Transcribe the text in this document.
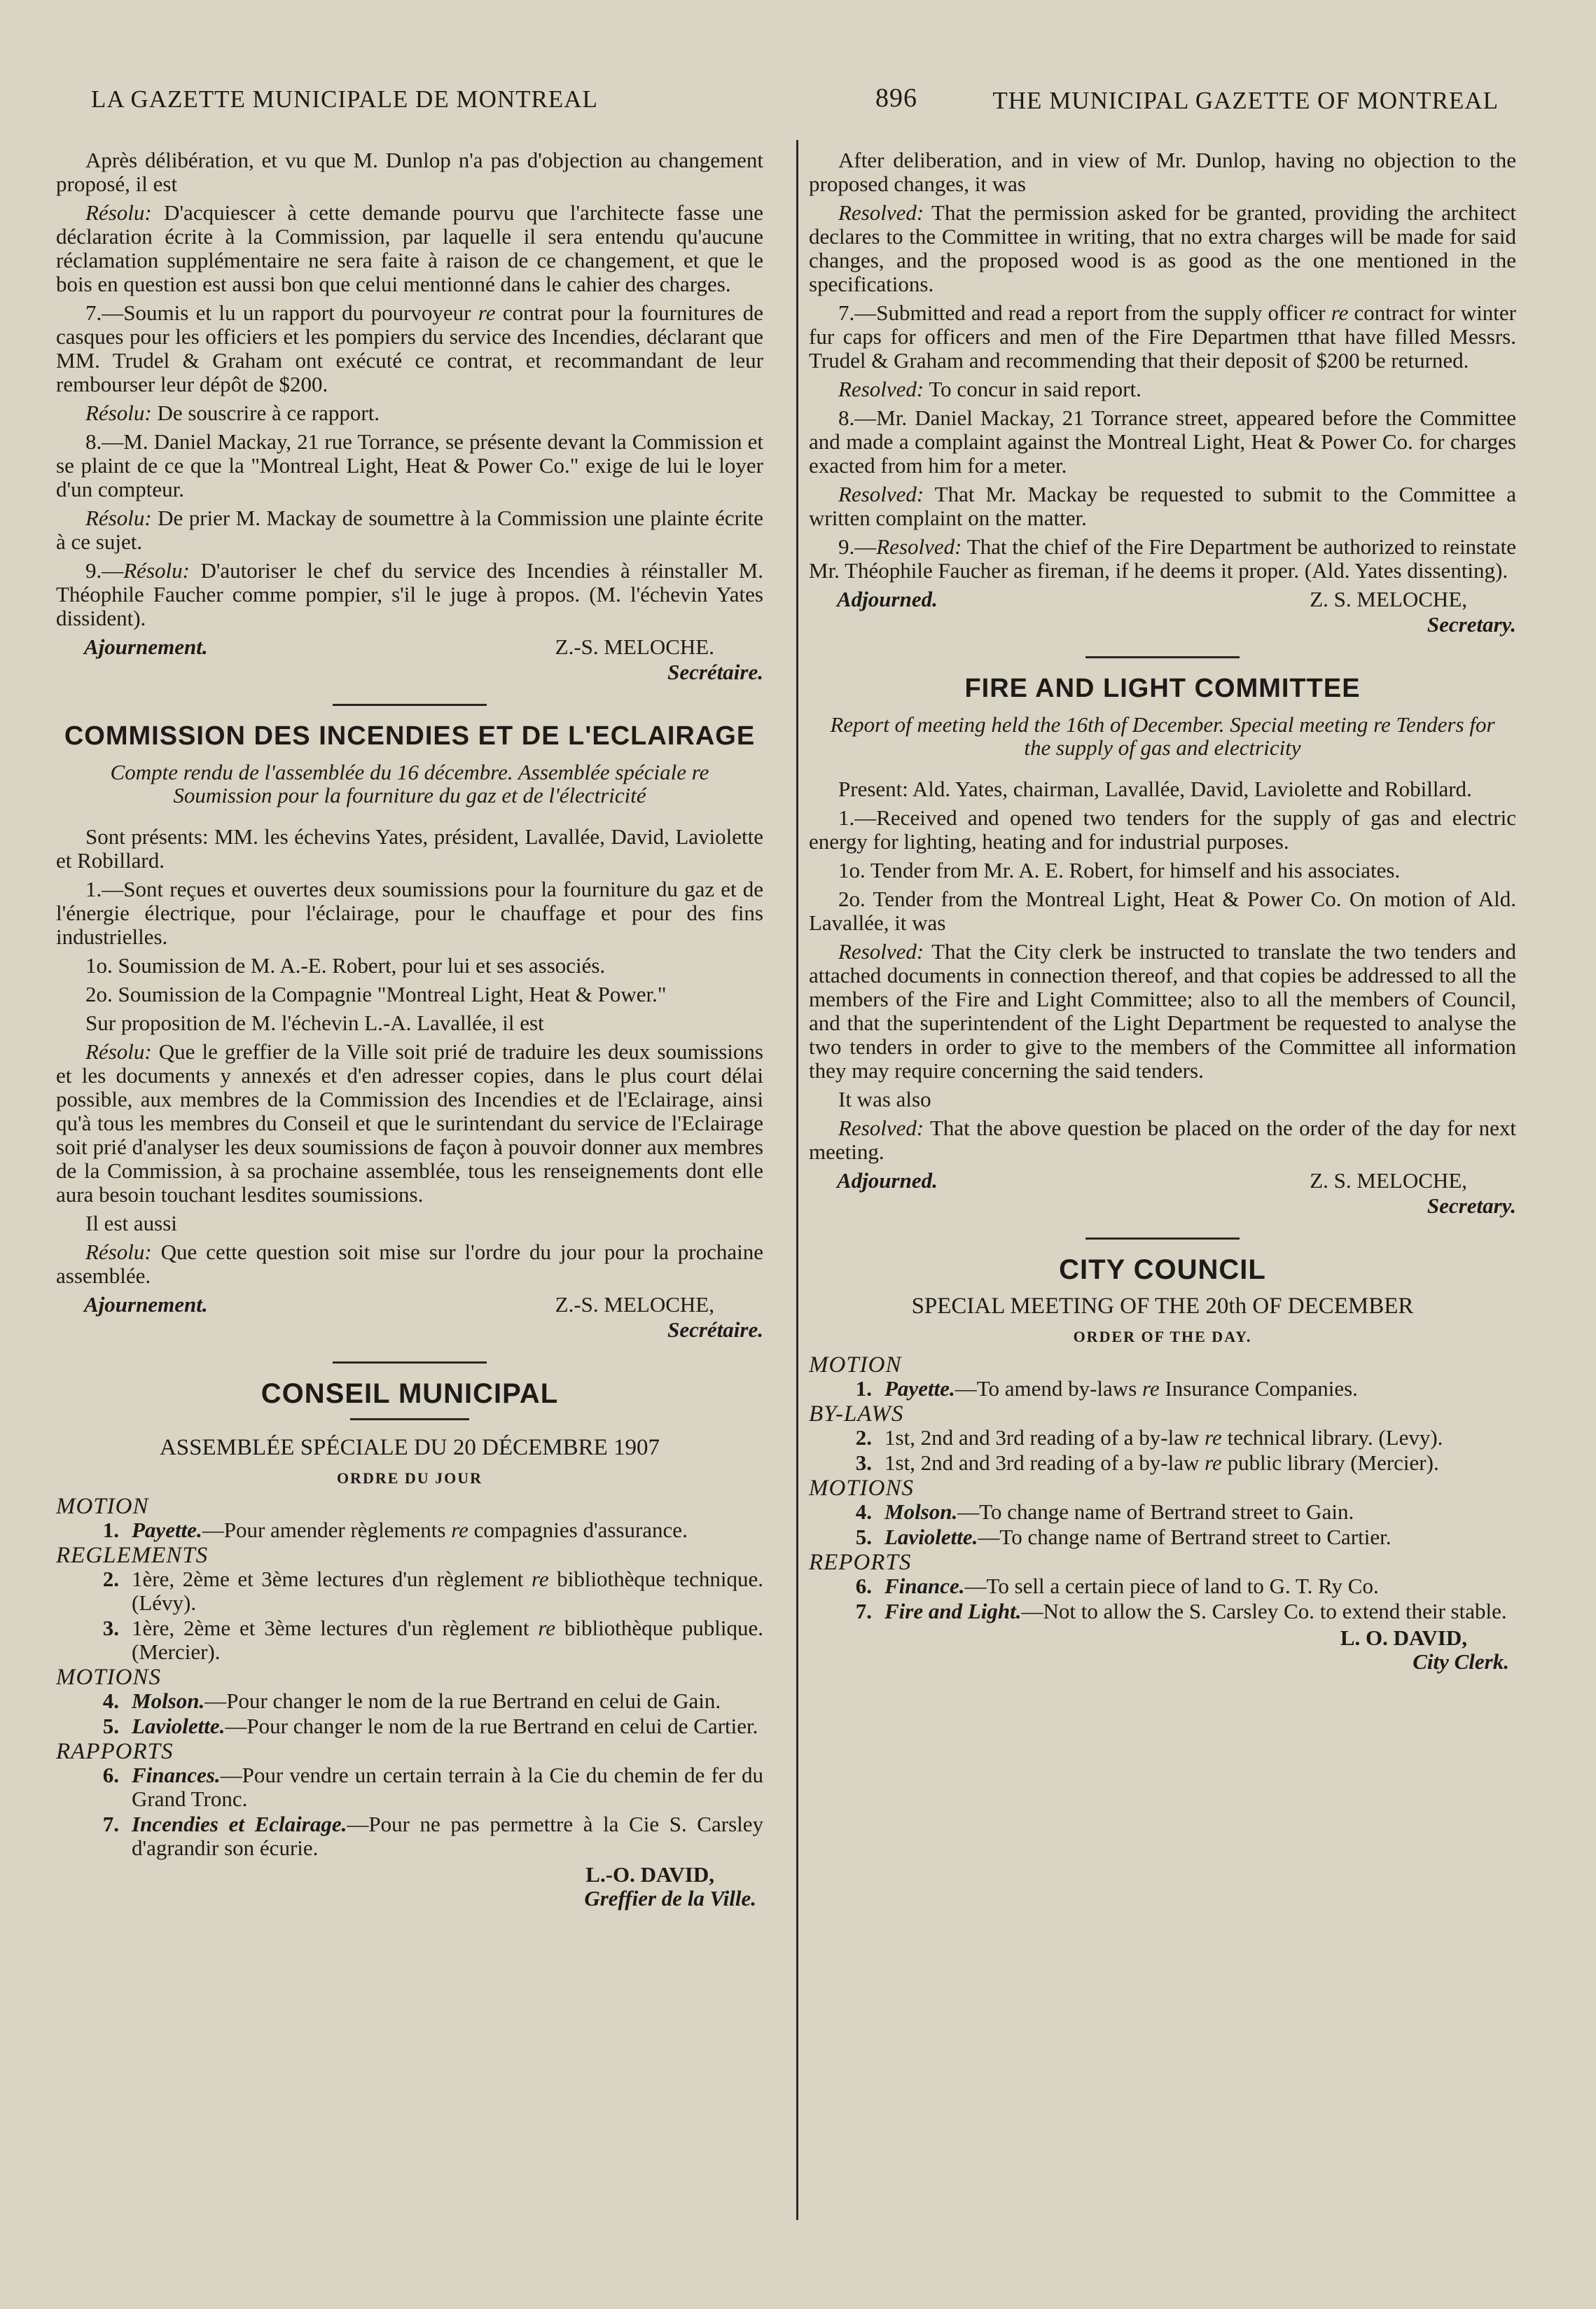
LA GAZETTE MUNICIPALE DE MONTREAL	896	THE MUNICIPAL GAZETTE OF MONTREAL

Après délibération, et vu que M. Dunlop n'a pas d'objection au changement proposé, il est

Résolu: D'acquiescer à cette demande pourvu que l'architecte fasse une déclaration écrite à la Commission, par laquelle il sera entendu qu'aucune réclamation supplémentaire ne sera faite à raison de ce changement, et que le bois en question est aussi bon que celui mentionné dans le cahier des charges.

7.—Soumis et lu un rapport du pourvoyeur re contrat pour la fournitures de casques pour les officiers et les pompiers du service des Incendies, déclarant que MM. Trudel & Graham ont exécuté ce contrat, et recommandant de leur rembourser leur dépôt de $200.

Résolu: De souscrire à ce rapport.

8.—M. Daniel Mackay, 21 rue Torrance, se présente devant la Commission et se plaint de ce que la "Montreal Light, Heat & Power Co." exige de lui le loyer d'un compteur.

Résolu: De prier M. Mackay de soumettre à la Commission une plainte écrite à ce sujet.

9.—Résolu: D'autoriser le chef du service des Incendies à réinstaller M. Théophile Faucher comme pompier, s'il le juge à propos. (M. l'échevin Yates dissident).

Ajournement.	Z.-S. MELOCHE.
Secrétaire.
COMMISSION DES INCENDIES ET DE L'ECLAIRAGE
Compte rendu de l'assemblée du 16 décembre. Assemblée spéciale re Soumission pour la fourniture du gaz et de l'électricité

Sont présents: MM. les échevins Yates, président, Lavallée, David, Laviolette et Robillard.

1.—Sont reçues et ouvertes deux soumissions pour la fourniture du gaz et de l'énergie électrique, pour l'éclairage, pour le chauffage et pour des fins industrielles.

1o. Soumission de M. A.-E. Robert, pour lui et ses associés.

2o. Soumission de la Compagnie "Montreal Light, Heat & Power."

Sur proposition de M. l'échevin L.-A. Lavallée, il est

Résolu: Que le greffier de la Ville soit prié de traduire les deux soumissions et les documents y annexés et d'en adresser copies, dans le plus court délai possible, aux membres de la Commission des Incendies et de l'Eclairage, ainsi qu'à tous les membres du Conseil et que le surintendant du service de l'Eclairage soit prié d'analyser les deux soumissions de façon à pouvoir donner aux membres de la Commission, à sa prochaine assemblée, tous les renseignements dont elle aura besoin touchant lesdites soumissions.

Il est aussi

Résolu: Que cette question soit mise sur l'ordre du jour pour la prochaine assemblée.

Ajournement.	Z.-S. MELOCHE,
Secrétaire.
CONSEIL MUNICIPAL
ASSEMBLÉE SPÉCIALE DU 20 DÉCEMBRE 1907
ORDRE DU JOUR
MOTION
1. Payette.—Pour amender règlements re compagnies d'assurance.
REGLEMENTS
2. 1ère, 2ème et 3ème lectures d'un règlement re bibliothèque technique. (Lévy).
3. 1ère, 2ème et 3ème lectures d'un règlement re bibliothèque publique. (Mercier).
MOTIONS
4. Molson.—Pour changer le nom de la rue Bertrand en celui de Gain.
5. Laviolette.—Pour changer le nom de la rue Bertrand en celui de Cartier.
RAPPORTS
6. Finances.—Pour vendre un certain terrain à la Cie du chemin de fer du Grand Tronc.
7. Incendies et Eclairage.—Pour ne pas permettre à la Cie S. Carsley d'agrandir son écurie.
L.-O. DAVID,
Greffier de la Ville.

After deliberation, and in view of Mr. Dunlop, having no objection to the proposed changes, it was

Resolved: That the permission asked for be granted, providing the architect declares to the Committee in writing, that no extra charges will be made for said changes, and the proposed wood is as good as the one mentioned in the specifications.

7.—Submitted and read a report from the supply officer re contract for winter fur caps for officers and men of the Fire Departmen tthat have filled Messrs. Trudel & Graham and recommending that their deposit of $200 be returned.

Resolved: To concur in said report.

8.—Mr. Daniel Mackay, 21 Torrance street, appeared before the Committee and made a complaint against the Montreal Light, Heat & Power Co. for charges exacted from him for a meter.

Resolved: That Mr. Mackay be requested to submit to the Committee a written complaint on the matter.

9.—Resolved: That the chief of the Fire Department be authorized to reinstate Mr. Théophile Faucher as fireman, if he deems it proper. (Ald. Yates dissenting).

Adjourned.	Z. S. MELOCHE,
Secretary.
FIRE AND LIGHT COMMITTEE
Report of meeting held the 16th of December. Special meeting re Tenders for the supply of gas and electricity

Present: Ald. Yates, chairman, Lavallée, David, Laviolette and Robillard.

1.—Received and opened two tenders for the supply of gas and electric energy for lighting, heating and for industrial purposes.

1o. Tender from Mr. A. E. Robert, for himself and his associates.

2o. Tender from the Montreal Light, Heat & Power Co. On motion of Ald. Lavallée, it was

Resolved: That the City clerk be instructed to translate the two tenders and attached documents in connection thereof, and that copies be addressed to all the members of the Fire and Light Committee; also to all the members of Council, and that the superintendent of the Light Department be requested to analyse the two tenders in order to give to the members of the Committee all information they may require concerning the said tenders.

It was also

Resolved: That the above question be placed on the order of the day for next meeting.

Adjourned.	Z. S. MELOCHE,
Secretary.
CITY COUNCIL
SPECIAL MEETING OF THE 20th OF DECEMBER
ORDER OF THE DAY.
MOTION
1. Payette.—To amend by-laws re Insurance Companies.
BY-LAWS
2. 1st, 2nd and 3rd reading of a by-law re technical library. (Levy).
3. 1st, 2nd and 3rd reading of a by-law re public library (Mercier).
MOTIONS
4. Molson.—To change name of Bertrand street to Gain.
5. Laviolette.—To change name of Bertrand street to Cartier.
REPORTS
6. Finance.—To sell a certain piece of land to G. T. Ry Co.
7. Fire and Light.—Not to allow the S. Carsley Co. to extend their stable.
L. O. DAVID,
City Clerk.
